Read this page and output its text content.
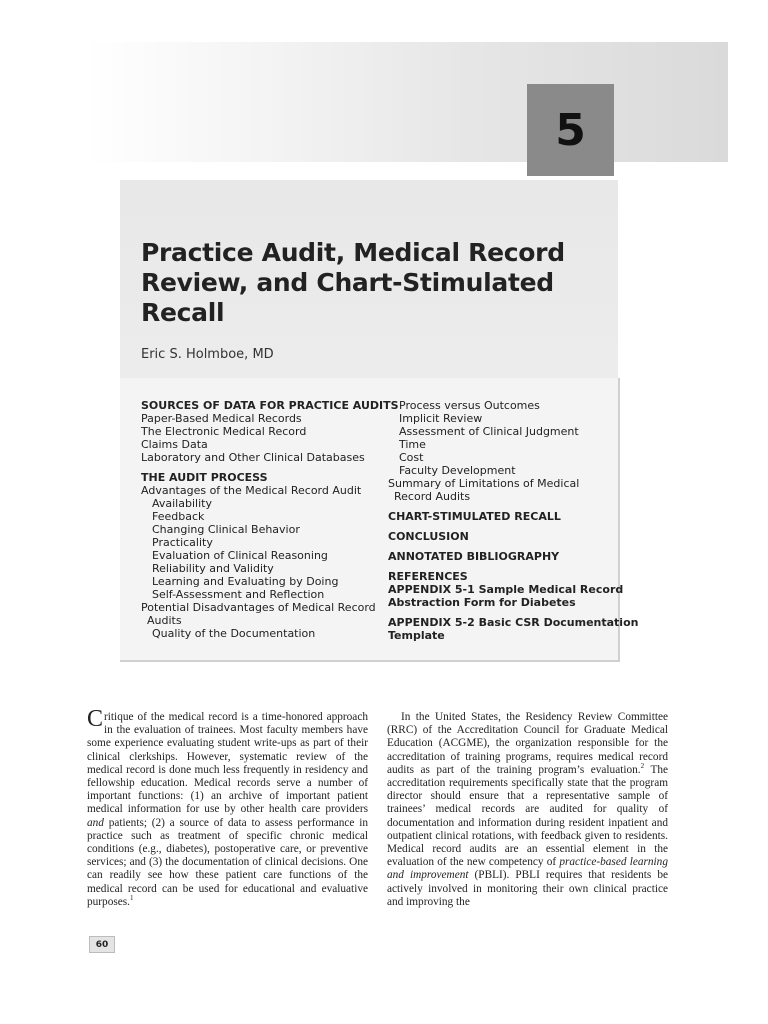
5
Practice Audit, Medical Record Review, and Chart-Stimulated Recall
Eric S. Holmboe, MD
SOURCES OF DATA FOR PRACTICE AUDITS
Paper-Based Medical Records
The Electronic Medical Record
Claims Data
Laboratory and Other Clinical Databases
THE AUDIT PROCESS
Advantages of the Medical Record Audit
Availability
Feedback
Changing Clinical Behavior
Practicality
Evaluation of Clinical Reasoning
Reliability and Validity
Learning and Evaluating by Doing
Self-Assessment and Reflection
Potential Disadvantages of Medical Record
Audits
Quality of the Documentation
Process versus Outcomes
Implicit Review
Assessment of Clinical Judgment
Time
Cost
Faculty Development
Summary of Limitations of Medical
Record Audits
CHART-STIMULATED RECALL
CONCLUSION
ANNOTATED BIBLIOGRAPHY
REFERENCES
APPENDIX 5-1 Sample Medical Record
Abstraction Form for Diabetes
APPENDIX 5-2 Basic CSR Documentation
Template

Critique of the medical record is a time-honored approach in the evaluation of trainees. Most faculty members have some experience evaluating student write-ups as part of their clinical clerkships. However, systematic review of the medical record is done much less frequently in residency and fellowship education. Medical records serve a number of important functions: (1) an archive of important patient medical information for use by other health care providers and patients; (2) a source of data to assess performance in practice such as treatment of specific chronic medical conditions (e.g., diabetes), postoperative care, or preventive services; and (3) the documentation of clinical decisions. One can readily see how these patient care functions of the medical record can be used for educational and evaluative purposes.$^1$

In the United States, the Residency Review Committee (RRC) of the Accreditation Council for Graduate Medical Education (ACGME), the organization responsible for the accreditation of training programs, requires medical record audits as part of the training program’s evaluation.$^2$ The accreditation requirements specifically state that the program director should ensure that a representative sample of trainees’ medical records are audited for quality of documentation and information during resident inpatient and outpatient clinical rotations, with feedback given to residents. Medical record audits are an essential element in the evaluation of the new competency of practice-based learning and improvement (PBLI). PBLI requires that residents be actively involved in monitoring their own clinical practice and improving the

60
